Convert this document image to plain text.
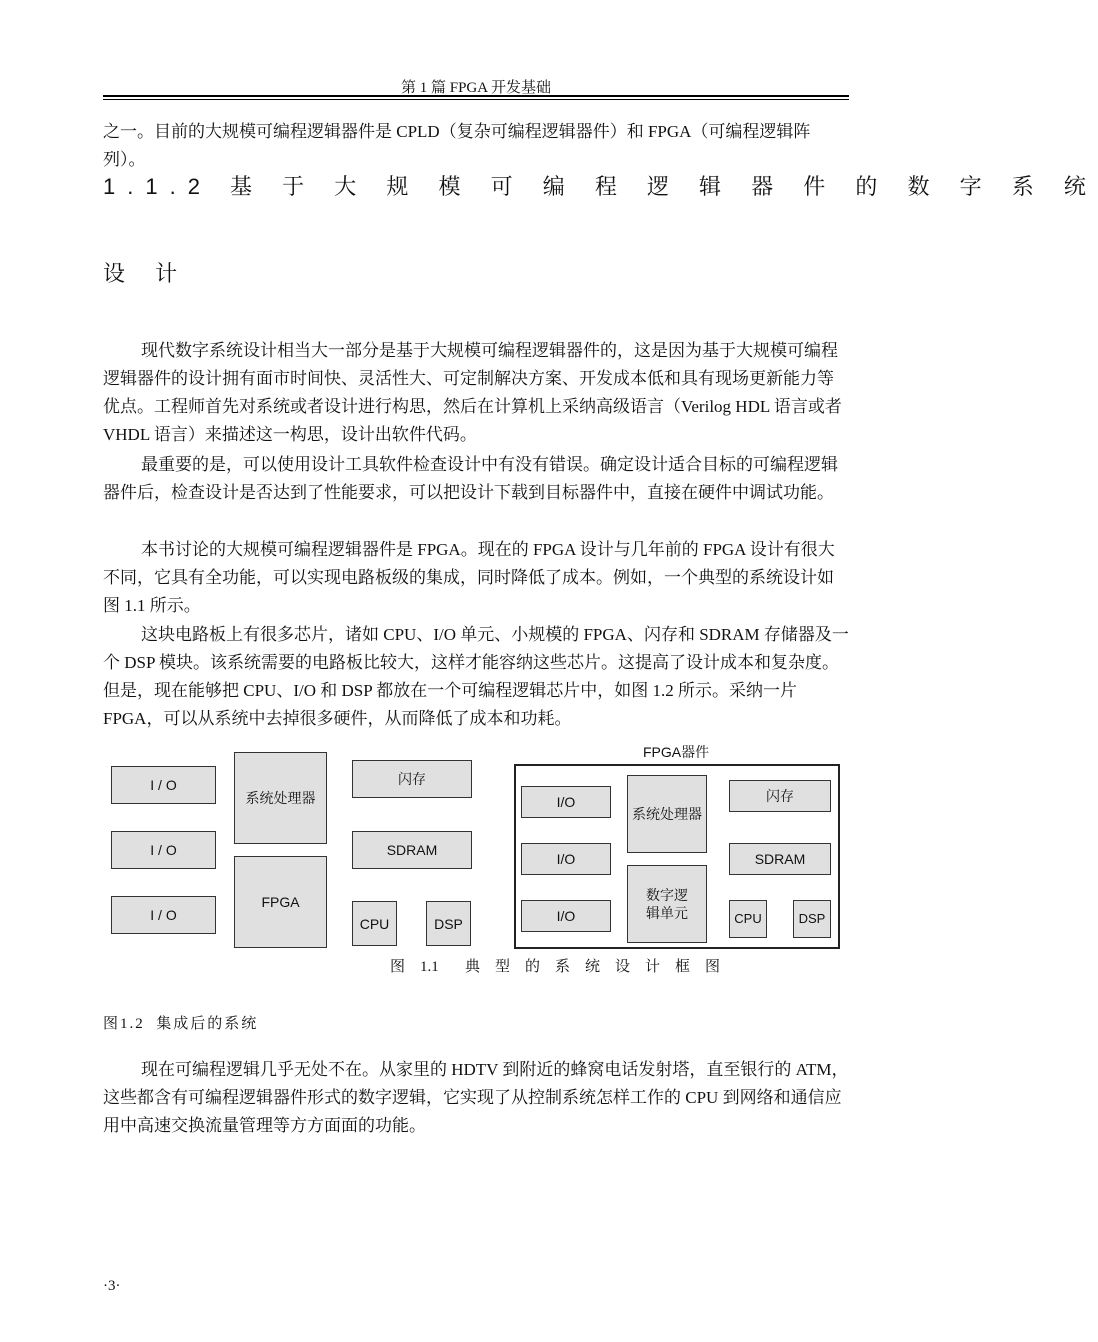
第 1 篇 FPGA 开发基础

之一。目前的大规模可编程逻辑器件是 CPLD（复杂可编程逻辑器件）和 FPGA（可编程逻辑阵列）。

1.1.2 基 于 大 规 模 可 编 程 逻 辑 器 件 的 数 字 系 统
设 计

现代数字系统设计相当大一部分是基于大规模可编程逻辑器件的，这是因为基于大规模可编程逻辑器件的设计拥有面市时间快、灵活性大、可定制解决方案、开发成本低和具有现场更新能力等优点。工程师首先对系统或者设计进行构思，然后在计算机上采纳高级语言（Verilog HDL 语言或者 VHDL 语言）来描述这一构思，设计出软件代码。

最重要的是，可以使用设计工具软件检查设计中有没有错误。确定设计适合目标的可编程逻辑器件后，检查设计是否达到了性能要求，可以把设计下载到目标器件中，直接在硬件中调试功能。

本书讨论的大规模可编程逻辑器件是 FPGA。现在的 FPGA 设计与几年前的 FPGA 设计有很大不同，它具有全功能，可以实现电路板级的集成，同时降低了成本。例如，一个典型的系统设计如图 1.1 所示。

这块电路板上有很多芯片，诸如 CPU、I/O 单元、小规模的 FPGA、闪存和 SDRAM 存储器及一个 DSP 模块。该系统需要的电路板比较大，这样才能容纳这些芯片。这提高了设计成本和复杂度。但是，现在能够把 CPU、I/O 和 DSP 都放在一个可编程逻辑芯片中，如图 1.2 所示。采纳一片 FPGA，可以从系统中去掉很多硬件，从而降低了成本和功耗。

I / O
I / O
I / O
系统处理器
FPGA
闪存
SDRAM
CPU	DSP
FPGA器件
I/O
I/O
I/O
系统处理器
数字逻辑单元
闪存
SDRAM
CPU	DSP
图    1.1       典    型    的    系    统    设    计    框    图
图1.2  集成后的系统

现在可编程逻辑几乎无处不在。从家里的 HDTV 到附近的蜂窝电话发射塔，直至银行的 ATM，这些都含有可编程逻辑器件形式的数字逻辑，它实现了从控制系统怎样工作的 CPU 到网络和通信应用中高速交换流量管理等方方面面的功能。

·3·
